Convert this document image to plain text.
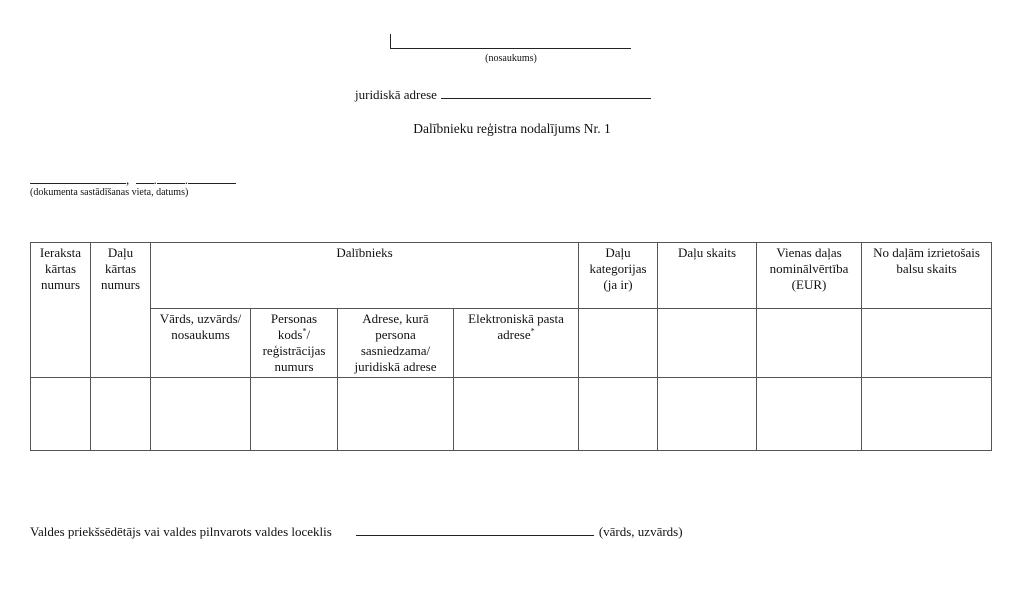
(nosaukums)
juridiskā adrese
Dalībnieku reģistra nodalījums Nr. 1
, . .
(dokumenta sastādīšanas vieta, datums)
Ieraksta kārtas numurs	Daļu kārtas numurs	Dalībnieks				Daļu kategorijas (ja ir)	Daļu skaits	Vienas daļas nominālvērtība (EUR)	No daļām izrietošais balsu skaits
		Vārds, uzvārds/ nosaukums	Personas kods*/ reģistrācijas numurs	Adrese, kurā persona sasniedzama/ juridiskā adrese	Elektroniskā pasta adrese*				

Valdes priekšsēdētājs vai valdes pilnvarots valdes loceklis	(vārds, uzvārds)
